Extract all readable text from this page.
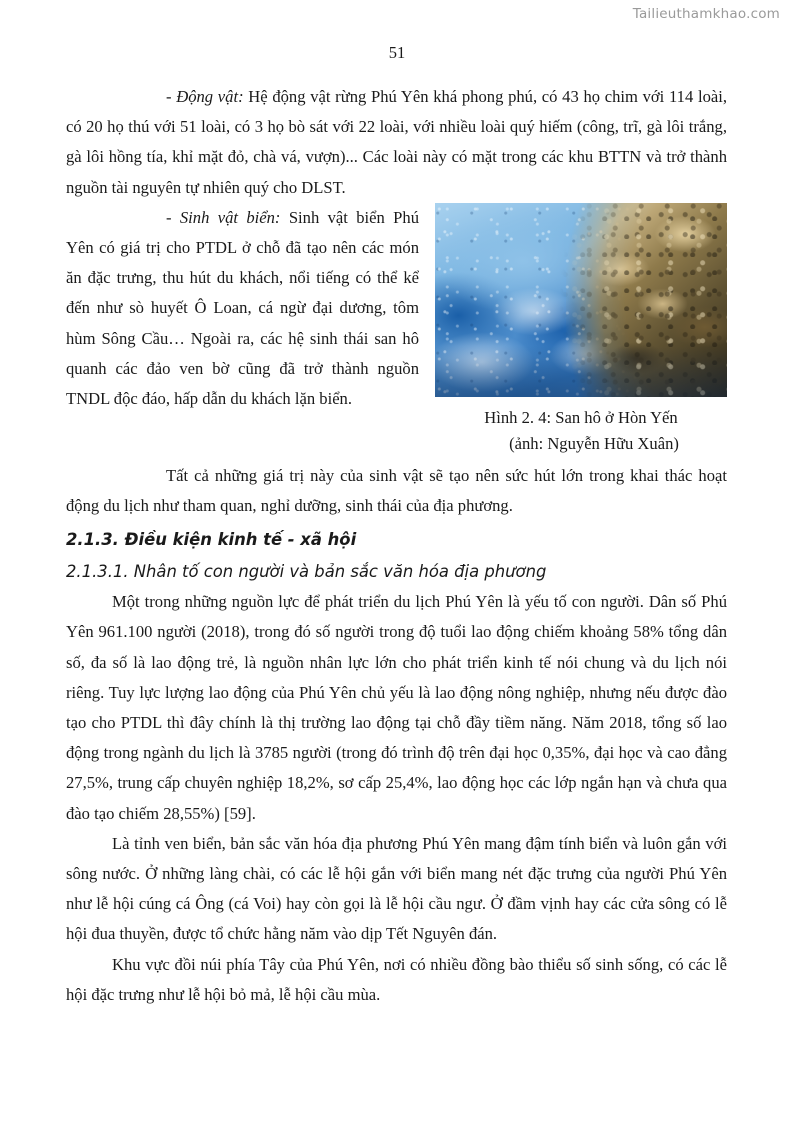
Tailieuthamkhao.com
51

- Động vật: Hệ động vật rừng Phú Yên khá phong phú, có 43 họ chim với 114 loài, có 20 họ thú với 51 loài, có 3 họ bò sát với 22 loài, với nhiều loài quý hiếm (công, trĩ, gà lôi trắng, gà lôi hồng tía, khỉ mặt đỏ, chà vá, vượn)... Các loài này có mặt trong các khu BTTN và trở thành nguồn tài nguyên tự nhiên quý cho DLST.

Hình 2. 4: San hô ở Hòn Yến
(ảnh: Nguyễn Hữu Xuân)

- Sinh vật biển: Sinh vật biển Phú Yên có giá trị cho PTDL ở chỗ đã tạo nên các món ăn đặc trưng, thu hút du khách, nổi tiếng có thể kể đến như sò huyết Ô Loan, cá ngừ đại dương, tôm hùm Sông Cầu… Ngoài ra, các hệ sinh thái san hô quanh các đảo ven bờ cũng đã trở thành nguồn TNDL độc đáo, hấp dẫn du khách lặn biển.

Tất cả những giá trị này của sinh vật sẽ tạo nên sức hút lớn trong khai thác hoạt động du lịch như tham quan, nghỉ dưỡng, sinh thái của địa phương.

2.1.3. Điều kiện kinh tế - xã hội
2.1.3.1. Nhân tố con người và bản sắc văn hóa địa phương

Một trong những nguồn lực để phát triển du lịch Phú Yên là yếu tố con người. Dân số Phú Yên 961.100 người (2018), trong đó số người trong độ tuổi lao động chiếm khoảng 58% tổng dân số, đa số là lao động trẻ, là nguồn nhân lực lớn cho phát triển kinh tế nói chung và du lịch nói riêng. Tuy lực lượng lao động của Phú Yên chủ yếu là lao động nông nghiệp, nhưng nếu được đào tạo cho PTDL thì đây chính là thị trường lao động tại chỗ đầy tiềm năng. Năm 2018, tổng số lao động trong ngành du lịch là 3785 người (trong đó trình độ trên đại học 0,35%, đại học và cao đẳng 27,5%, trung cấp chuyên nghiệp 18,2%, sơ cấp 25,4%, lao động học các lớp ngắn hạn và chưa qua đào tạo chiếm 28,55%) [59].

Là tỉnh ven biển, bản sắc văn hóa địa phương Phú Yên mang đậm tính biển và luôn gắn với sông nước. Ở những làng chài, có các lễ hội gắn với biển mang nét đặc trưng của người Phú Yên như lễ hội cúng cá Ông (cá Voi) hay còn gọi là lễ hội cầu ngư. Ở đầm vịnh hay các cửa sông có lễ hội đua thuyền, được tổ chức hằng năm vào dịp Tết Nguyên đán.

Khu vực đồi núi phía Tây của Phú Yên, nơi có nhiều đồng bào thiểu số sinh sống, có các lễ hội đặc trưng như lễ hội bỏ mả, lễ hội cầu mùa.
